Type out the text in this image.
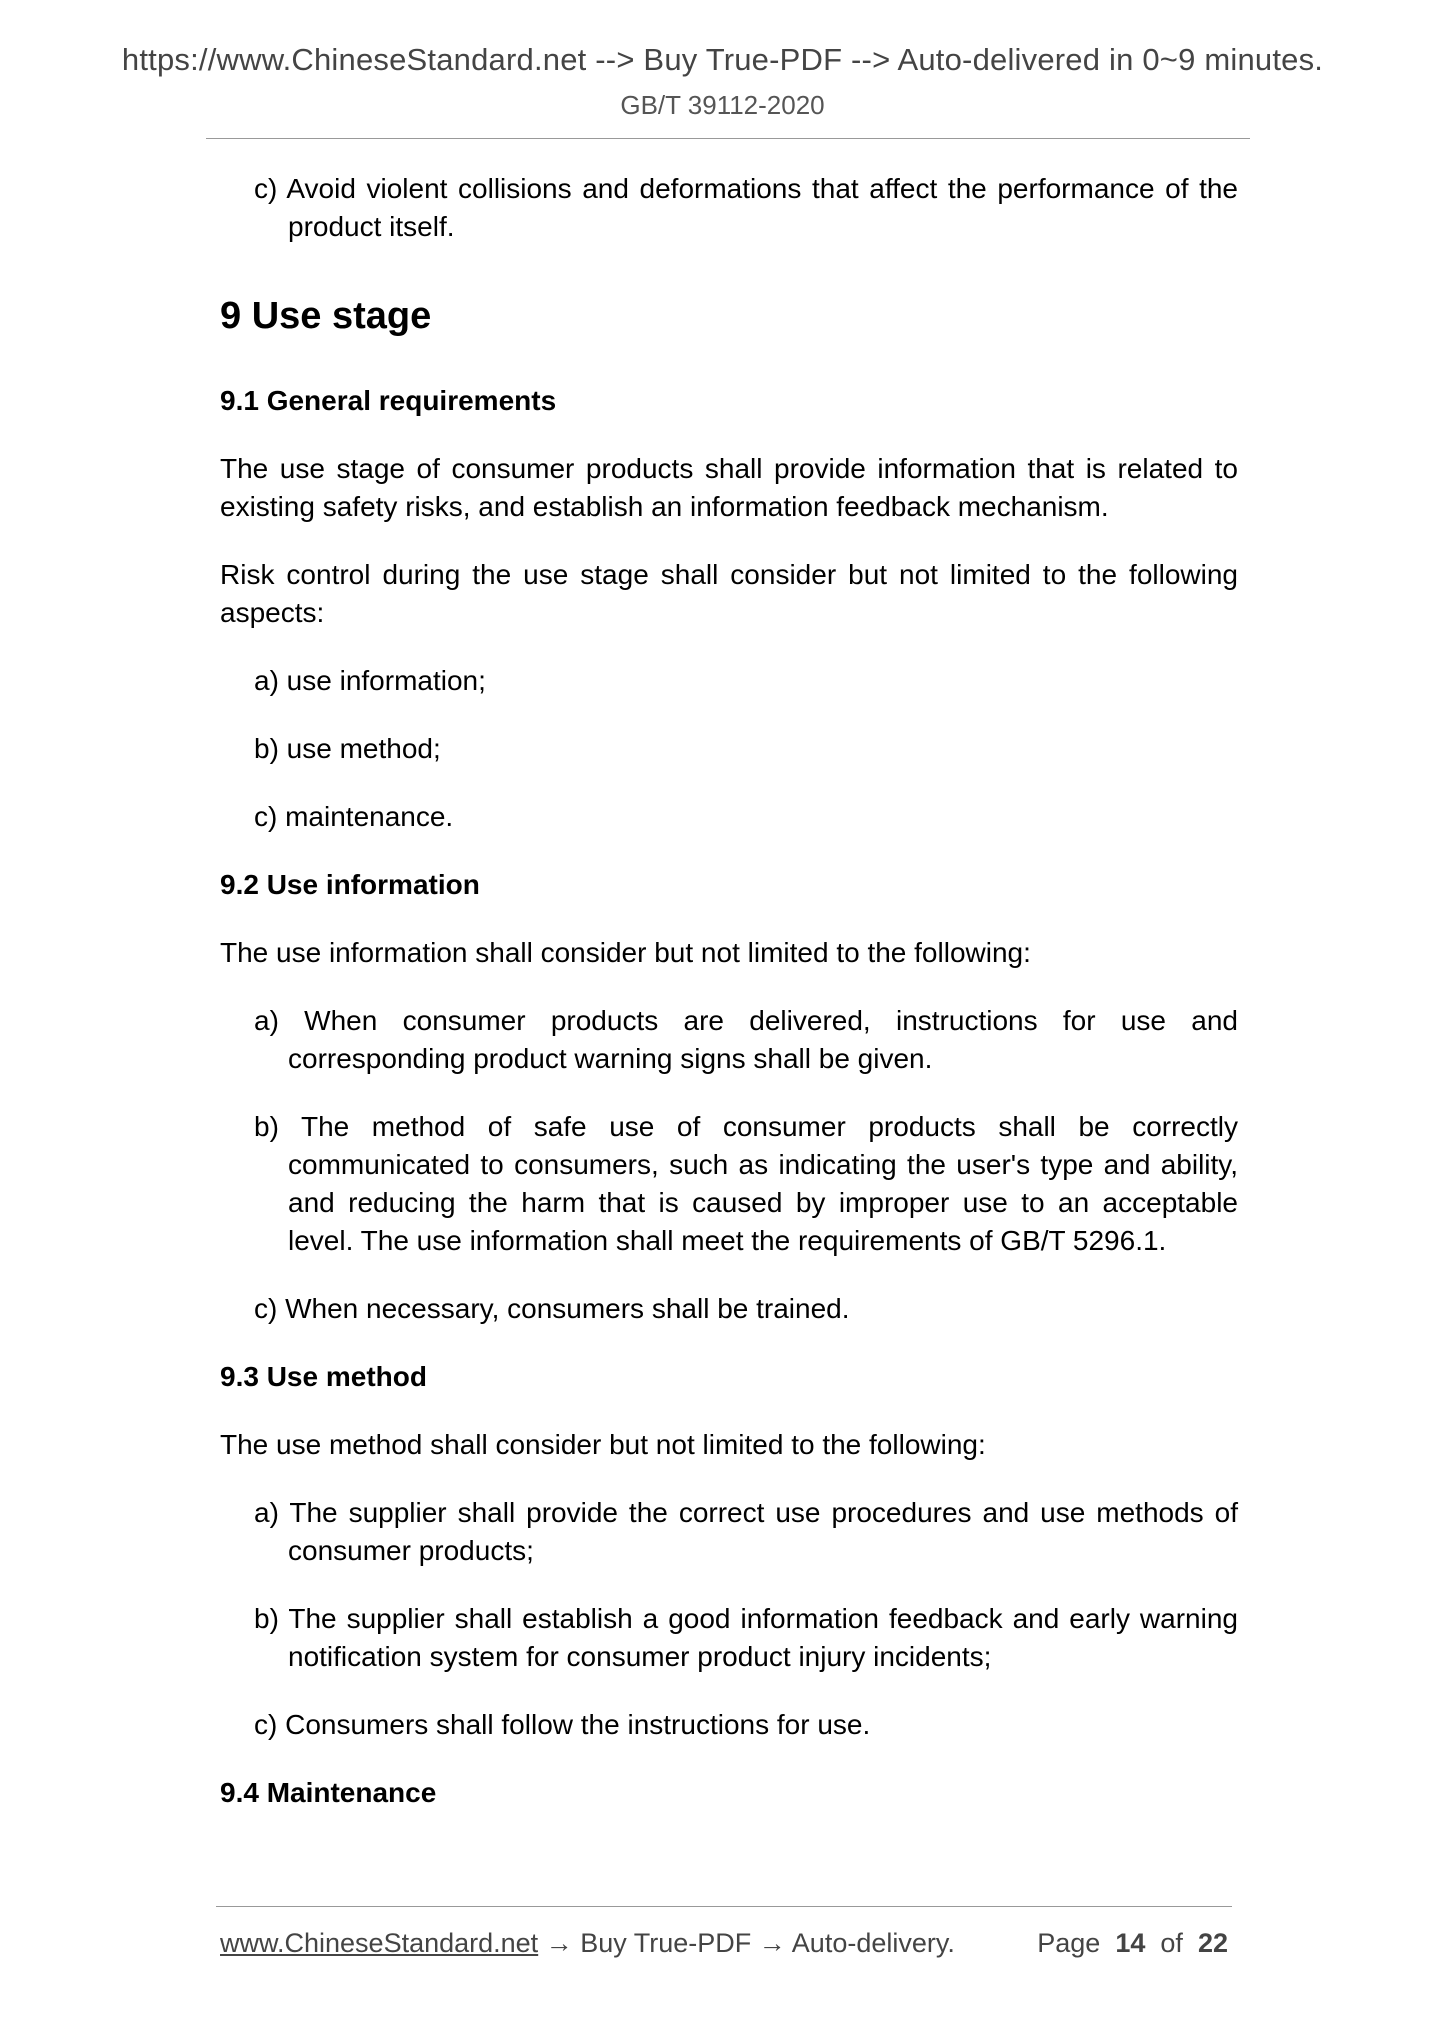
https://www.ChineseStandard.net --> Buy True-PDF --> Auto-delivered in 0~9 minutes.
GB/T 39112-2020

c) Avoid violent collisions and deformations that affect the performance of the product itself.

9 Use stage
9.1 General requirements

The use stage of consumer products shall provide information that is related to existing safety risks, and establish an information feedback mechanism.

Risk control during the use stage shall consider but not limited to the following aspects:

a) use information;

b) use method;

c) maintenance.

9.2 Use information

The use information shall consider but not limited to the following:

a) When consumer products are delivered, instructions for use and corresponding product warning signs shall be given.

b) The method of safe use of consumer products shall be correctly communicated to consumers, such as indicating the user's type and ability, and reducing the harm that is caused by improper use to an acceptable level. The use information shall meet the requirements of GB/T 5296.1.

c) When necessary, consumers shall be trained.

9.3 Use method

The use method shall consider but not limited to the following:

a) The supplier shall provide the correct use procedures and use methods of consumer products;

b) The supplier shall establish a good information feedback and early warning notification system for consumer product injury incidents;

c) Consumers shall follow the instructions for use.

9.4 Maintenance
www.ChineseStandard.net → Buy True-PDF → Auto-delivery.	Page 14 of 22
